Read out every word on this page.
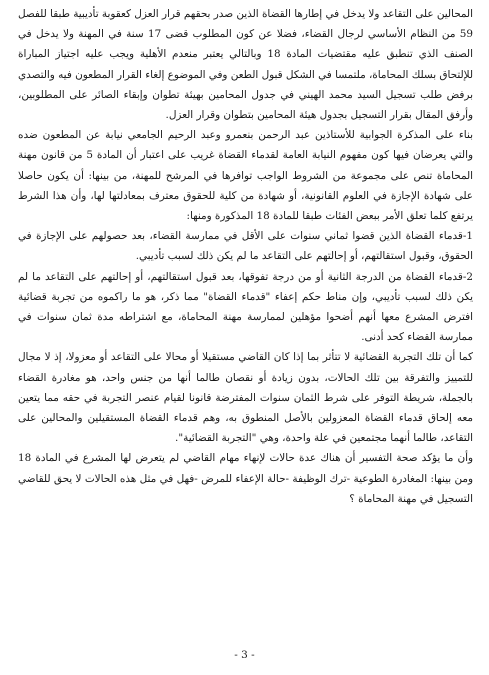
المحالين على التقاعد ولا يدخل في إطارها القضاة الذين صدر بحقهم قرار العزل كعقوبة تأديبية طبقا للفصل 59 من النظام الأساسي لرجال القضاء، فضلا عن كون المطلوب قضى 17 سنة في المهنة ولا يدخل في الصنف الذي تنطبق عليه مقتضيات المادة 18 وبالتالي يعتبر منعدم الأهلية ويجب عليه اجتياز المباراة للإلتحاق بسلك المحاماة، ملتمسا في الشكل قبول الطعن وفي الموضوع إلغاء القرار المطعون فيه والتصدي برفض طلب تسجيل السيد محمد الهيني في جدول المحامين بهيئة تطوان وإبقاء الصائر على المطلوبين، وأرفق المقال بقرار التسجيل بجدول هيئة المحامين بتطوان وقرار العزل.

بناء على المذكرة الجوابية للأستاذين عبد الرحمن بنعمرو وعبد الرحيم الجامعي نيابة عن المطعون ضده والتي يعرضان فيها كون مفهوم النيابة العامة لقدماء القضاة غريب على اعتبار أن المادة 5 من قانون مهنة المحاماة تنص على مجموعة من الشروط الواجب توافرها في المرشح للمهنة، من بينها: أن يكون حاصلا على شهادة الإجازة في العلوم القانونية، أو شهادة من كلية للحقوق معترف بمعادلتها لها، وأن هذا الشرط يرتفع كلما تعلق الأمر ببعض الفئات طبقا للمادة 18 المذكورة ومنها:

1-قدماء القضاة الذين قضوا ثماني سنوات على الأقل في ممارسة القضاء، بعد حصولهم على الإجازة في الحقوق، وقبول استقالتهم، أو إحالتهم على التقاعد ما لم يكن ذلك لسبب تأديبي.

2-قدماء القضاة من الدرجة الثانية أو من درجة تفوقها، بعد قبول استقالتهم، أو إحالتهم على التقاعد ما لم يكن ذلك لسبب تأديبي، وإن مناط حكم إعفاء "قدماء القضاة" مما ذكر، هو ما راكموه من تجربة قضائية افترض المشرع معها أنهم أضحوا مؤهلين لممارسة مهنة المحاماة، مع اشتراطه مدة ثمان سنوات في ممارسة القضاء كحد أدنى.

كما أن تلك التجربة القضائية لا تتأثر بما إذا كان القاضي مستقيلا أو محالا على التقاعد أو معزولا، إذ لا مجال للتمييز والتفرقة بين تلك الحالات، بدون زيادة أو نقصان طالما أنها من جنس واحد، هو مغادرة القضاء بالجملة، شريطة التوفر على شرط الثمان سنوات المفترضة قانونا لقيام عنصر التجربة في حقه مما يتعين معه إلحاق قدماء القضاة المعزولين بالأصل المنطوق به، وهم قدماء القضاة المستقيلين والمحالين على التقاعد، طالما أنهما مجتمعين في علة واحدة، وهي "التجربة القضائية".

وأن ما يؤكد صحة التفسير أن هناك عدة حالات لإنهاء مهام القاضي لم يتعرض لها المشرع في المادة 18 ومن بينها: المغادرة الطوعية -ترك الوظيفة -حالة الإعفاء للمرض -فهل في مثل هذه الحالات لا يحق للقاضي التسجيل في مهنة المحاماة ؟

- 3 -
